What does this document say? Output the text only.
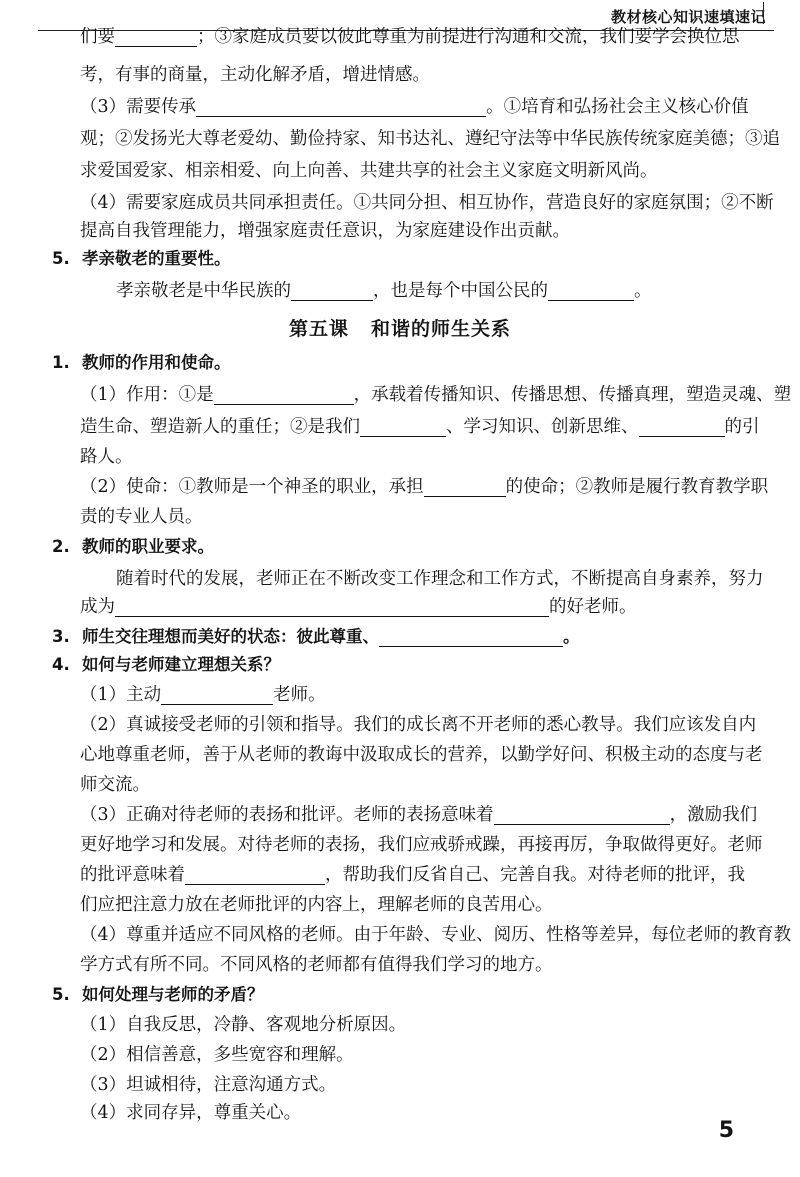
教材核心知识速填速记
们要	；③家庭成员要以彼此尊重为前提进行沟通和交流，我们要学会换位思
考，有事的商量，主动化解矛盾，增进情感。
（3）需要传承	。①培育和弘扬社会主义核心价值
观；②发扬光大尊老爱幼、勤俭持家、知书达礼、遵纪守法等中华民族传统家庭美德；③追
求爱国爱家、相亲相爱、向上向善、共建共享的社会主义家庭文明新风尚。
（4）需要家庭成员共同承担责任。①共同分担、相互协作，营造良好的家庭氛围；②不断
提高自我管理能力，增强家庭责任意识，为家庭建设作出贡献。
5. 孝亲敬老的重要性。
孝亲敬老是中华民族的	，也是每个中国公民的	。
第五课 和谐的师生关系
1. 教师的作用和使命。
（1）作用：①是	，承载着传播知识、传播思想、传播真理，塑造灵魂、塑
造生命、塑造新人的重任；②是我们	、学习知识、创新思维、	的引
路人。
（2）使命：①教师是一个神圣的职业，承担	的使命；②教师是履行教育教学职
责的专业人员。
2. 教师的职业要求。
随着时代的发展，老师正在不断改变工作理念和工作方式，不断提高自身素养，努力
成为	的好老师。
3. 师生交往理想而美好的状态：彼此尊重、	。
4. 如何与老师建立理想关系？
（1）主动	老师。
（2）真诚接受老师的引领和指导。我们的成长离不开老师的悉心教导。我们应该发自内
心地尊重老师，善于从老师的教诲中汲取成长的营养，以勤学好问、积极主动的态度与老
师交流。
（3）正确对待老师的表扬和批评。老师的表扬意味着	，激励我们
更好地学习和发展。对待老师的表扬，我们应戒骄戒躁，再接再厉，争取做得更好。老师
的批评意味着	，帮助我们反省自己、完善自我。对待老师的批评，我
们应把注意力放在老师批评的内容上，理解老师的良苦用心。
（4）尊重并适应不同风格的老师。由于年龄、专业、阅历、性格等差异，每位老师的教育教
学方式有所不同。不同风格的老师都有值得我们学习的地方。
5. 如何处理与老师的矛盾？
（1）自我反思，冷静、客观地分析原因。
（2）相信善意，多些宽容和理解。
（3）坦诚相待，注意沟通方式。
（4）求同存异，尊重关心。
5
